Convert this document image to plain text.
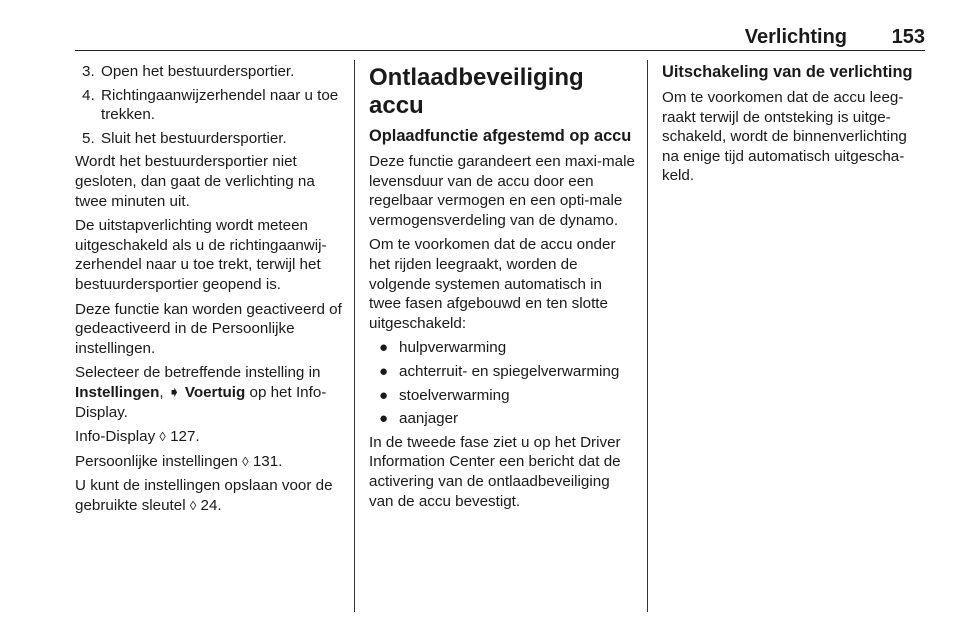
Verlichting 153
3. Open het bestuurdersportier.
4. Richtingaanwijzerhendel naar u toe trekken.
5. Sluit het bestuurdersportier.

Wordt het bestuurdersportier niet gesloten, dan gaat de verlichting na twee minuten uit.

De uitstapverlichting wordt meteen uitgeschakeld als u de richtingaanwij-zerhendel naar u toe trekt, terwijl het bestuurdersportier geopend is.

Deze functie kan worden geactiveerd of gedeactiveerd in de Persoonlijke instellingen.

Selecteer de betreffende instelling in Instellingen, ➧ Voertuig op het Info-Display.

Info-Display ◊ 127.

Persoonlijke instellingen ◊ 131.

U kunt de instellingen opslaan voor de gebruikte sleutel ◊ 24.

Ontlaadbeveiliging accu
Oplaadfunctie afgestemd op accu

Deze functie garandeert een maxi-male levensduur van de accu door een regelbaar vermogen en een opti-male vermogensverdeling van de dynamo.

Om te voorkomen dat de accu onder het rijden leegraakt, worden de volgende systemen automatisch in twee fasen afgebouwd en ten slotte uitgeschakeld:

● hulpverwarming
● achterruit- en spiegelverwarming
● stoelverwarming
● aanjager

In de tweede fase ziet u op het Driver Information Center een bericht dat de activering van de ontlaadbeveiliging van de accu bevestigt.

Uitschakeling van de verlichting

Om te voorkomen dat de accu leeg-raakt terwijl de ontsteking is uitge-schakeld, wordt de binnenverlichting na enige tijd automatisch uitgescha-keld.
